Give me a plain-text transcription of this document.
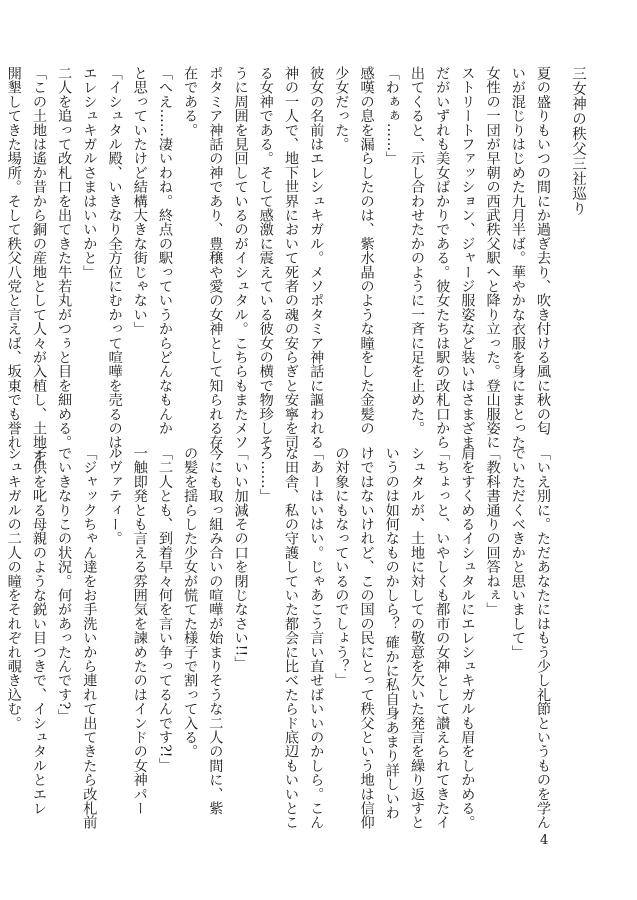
三女神の秩父三社巡り

夏の盛りもいつの間にか過ぎ去り、吹き付ける風に秋の匂

いが混じりはじめた九月半ば。華やかな衣服を身にまとった

女性の一団が早朝の西武秩父駅へと降り立った。登山服姿に

ストリートファッション、ジャージ服姿など装いはさまざま

だがいずれも美女ばかりである。彼女たちは駅の改札口から

出てくると、示し合わせたかのように一斉に足を止めた。

「わぁぁ……」

感嘆の息を漏らしたのは、紫水晶のような瞳をした金髪の

少女だった。

彼女の名前はエレシュキガル。メソポタミア神話に謳われる

神の一人で、地下世界において死者の魂の安らぎと安寧を司

る女神である。そして感激に震えている彼女の横で物珍しそ

うに周囲を見回しているのがイシュタル。こちらもまたメソ

ポタミア神話の神であり、豊穣や愛の女神として知られる存

在である。

「へえ……凄いわね。終点の駅っていうからどんなもんか

と思っていたけど結構大きな街じゃない」

「イシュタル殿、いきなり全方位にむかって喧嘩を売るのは、

エレシュキガルさまはいいかと」

二人を追って改札口を出てきた牛若丸がつぅと目を細める。

「この土地は遙か昔から銅の産地として人々が入植し、土地を

開墾してきた場所。そして秩父八党と言えば、坂東でも誉れ

「いえ別に。ただあなたにはもう少し礼節というものを学ん

でいただくべきかと思いまして」

「教科書通りの回答ねぇ」

肩をすくめるイシュタルにエレシュキガルも眉をしかめる。

「ちょっと、いやしくも都市の女神として讃えられてきたイ

シュタルが、土地に対しての敬意を欠いた発言を繰り返すと

いうのは如何なものかしら？ 確かに私自身あまり詳しいわ

けではないけれど、この国の民にとって秩父という地は信仰

の対象にもなっているのでしょう？」

「あーはいはい。じゃあこう言い直せばいいのかしら。こん

な田舎、私の守護していた都会に比べたらド底辺もいいとこ

ろ……」

「いい加減その口を閉じなさい!!」

今にも取っ組み合いの喧嘩が始まりそうな二人の間に、紫

の髪を揺らした少女が慌てた様子で割って入る。

「二人とも、到着早々何を言い争ってるんです?!」

一触即発とも言える雰囲気を諫めたのはインドの女神パー

ルヴァティー。

「ジャックちゃん達をお手洗いから連れて出てきたら改札前

でいきなりこの状況。何があったんです?」

子供を叱る母親のような鋭い目つきで、イシュタルとエレ

シュキガルの二人の瞳をそれぞれ覗き込む。

4
